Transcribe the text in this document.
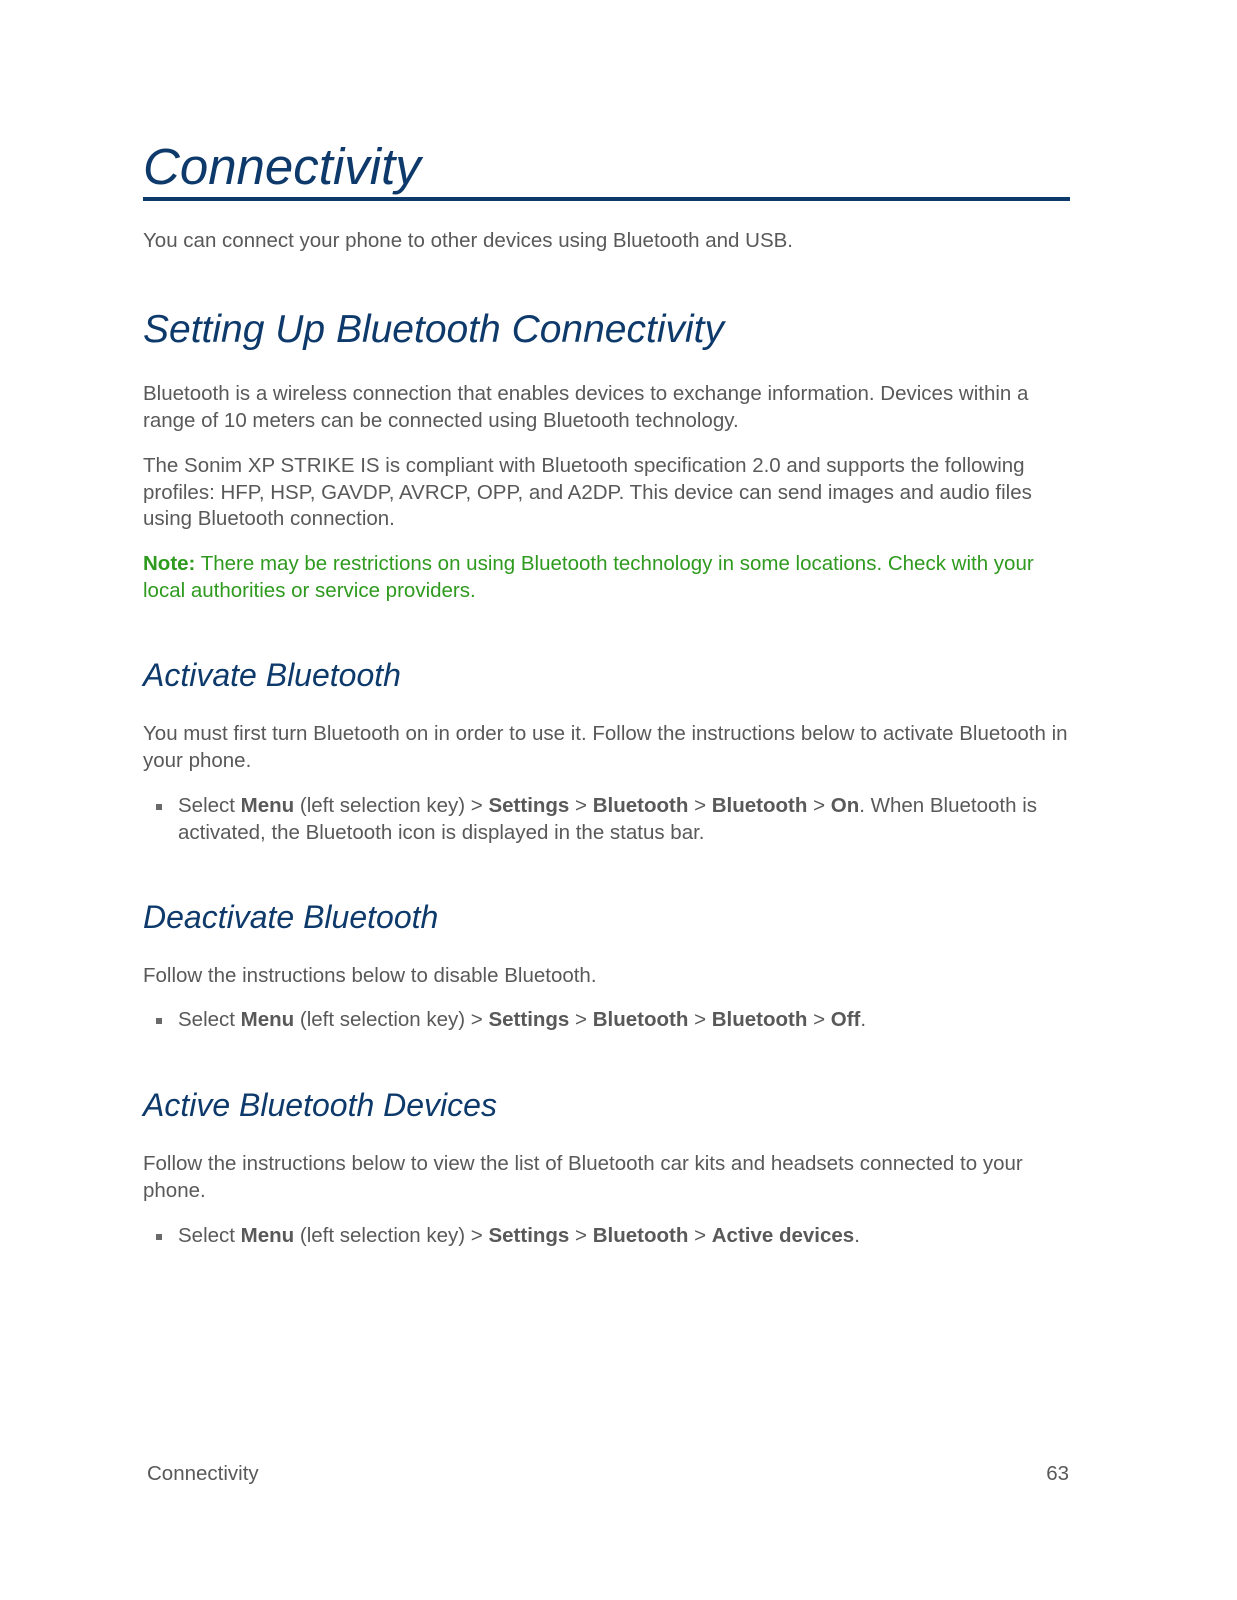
Connectivity

You can connect your phone to other devices using Bluetooth and USB.

Setting Up Bluetooth Connectivity

Bluetooth is a wireless connection that enables devices to exchange information. Devices within a range of 10 meters can be connected using Bluetooth technology.

The Sonim XP STRIKE IS is compliant with Bluetooth specification 2.0 and supports the following profiles: HFP, HSP, GAVDP, AVRCP, OPP, and A2DP. This device can send images and audio files using Bluetooth connection.

Note: There may be restrictions on using Bluetooth technology in some locations. Check with your local authorities or service providers.

Activate Bluetooth

You must first turn Bluetooth on in order to use it. Follow the instructions below to activate Bluetooth in your phone.

Select Menu (left selection key) > Settings > Bluetooth > Bluetooth > On. When Bluetooth is activated, the Bluetooth icon is displayed in the status bar.
Deactivate Bluetooth

Follow the instructions below to disable Bluetooth.

Select Menu (left selection key) > Settings > Bluetooth > Bluetooth > Off.
Active Bluetooth Devices

Follow the instructions below to view the list of Bluetooth car kits and headsets connected to your phone.

Select Menu (left selection key) > Settings > Bluetooth > Active devices.
Connectivity	63
